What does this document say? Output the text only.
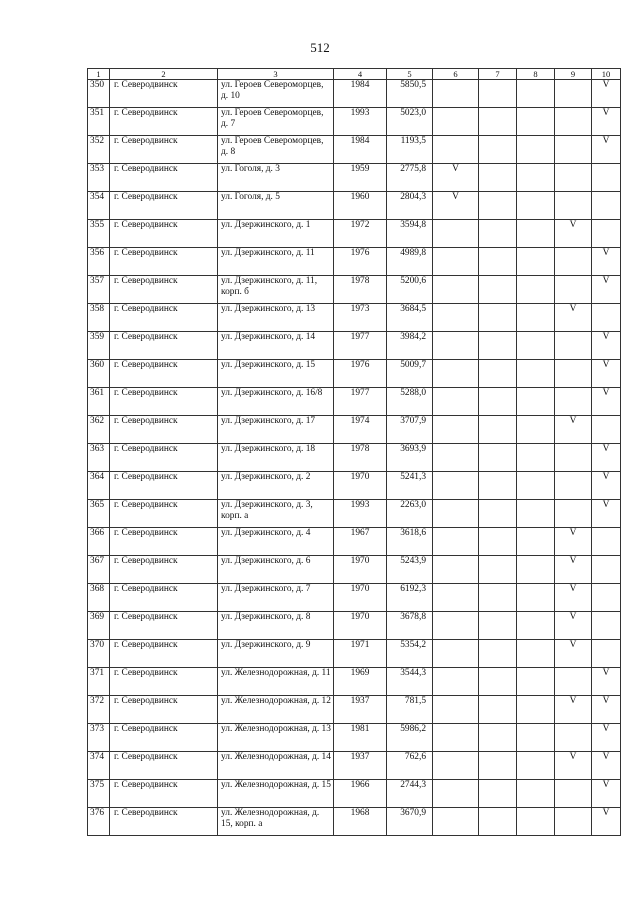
512
1	2	3	4	5	6	7	8	9	10
350	г. Северодвинск	ул. Героев Североморцев, д. 10	1984	5850,5					V
351	г. Северодвинск	ул. Героев Североморцев, д. 7	1993	5023,0					V
352	г. Северодвинск	ул. Героев Североморцев, д. 8	1984	1193,5					V
353	г. Северодвинск	ул. Гоголя, д. 3	1959	2775,8	V				
354	г. Северодвинск	ул. Гоголя, д. 5	1960	2804,3	V				
355	г. Северодвинск	ул. Дзержинского, д. 1	1972	3594,8				V	
356	г. Северодвинск	ул. Дзержинского, д. 11	1976	4989,8					V
357	г. Северодвинск	ул. Дзержинского, д. 11, корп. б	1978	5200,6					V
358	г. Северодвинск	ул. Дзержинского, д. 13	1973	3684,5				V	
359	г. Северодвинск	ул. Дзержинского, д. 14	1977	3984,2					V
360	г. Северодвинск	ул. Дзержинского, д. 15	1976	5009,7					V
361	г. Северодвинск	ул. Дзержинского, д. 16/8	1977	5288,0					V
362	г. Северодвинск	ул. Дзержинского, д. 17	1974	3707,9				V	
363	г. Северодвинск	ул. Дзержинского, д. 18	1978	3693,9					V
364	г. Северодвинск	ул. Дзержинского, д. 2	1970	5241,3					V
365	г. Северодвинск	ул. Дзержинского, д. 3, корп. а	1993	2263,0					V
366	г. Северодвинск	ул. Дзержинского, д. 4	1967	3618,6				V	
367	г. Северодвинск	ул. Дзержинского, д. 6	1970	5243,9				V	
368	г. Северодвинск	ул. Дзержинского, д. 7	1970	6192,3				V	
369	г. Северодвинск	ул. Дзержинского, д. 8	1970	3678,8				V	
370	г. Северодвинск	ул. Дзержинского, д. 9	1971	5354,2				V	
371	г. Северодвинск	ул. Железнодорожная, д. 11	1969	3544,3					V
372	г. Северодвинск	ул. Железнодорожная, д. 12	1937	781,5				V	V
373	г. Северодвинск	ул. Железнодорожная, д. 13	1981	5986,2					V
374	г. Северодвинск	ул. Железнодорожная, д. 14	1937	762,6				V	V
375	г. Северодвинск	ул. Железнодорожная, д. 15	1966	2744,3					V
376	г. Северодвинск	ул. Железнодорожная, д. 15, корп. а	1968	3670,9					V
